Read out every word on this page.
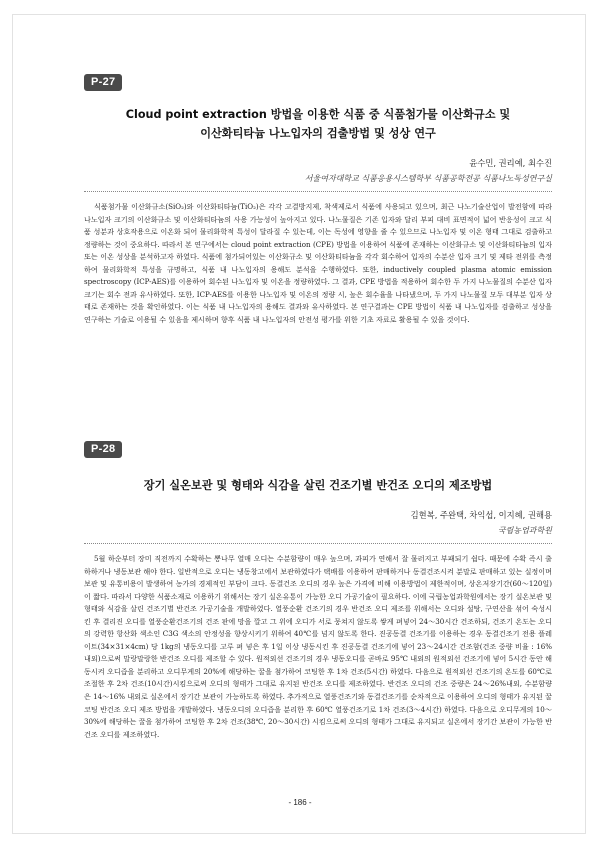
P-27
Cloud point extraction 방법을 이용한 식품 중 식품첨가물 이산화규소 및
이산화티타늄 나노입자의 검출방법 및 성상 연구
윤수민, 권리예, 최수진
서울여자대학교 식품응용시스템학부 식품공학전공 식품나노독성연구실

식품첨가물 이산화규소(SiO₂)와 이산화티타늄(TiO₂)은 각각 고결방지제, 착색제로서 식품에 사용되고 있으며, 최근 나노기술산업이 발전함에 따라 나노입자 크기의 이산화규소 및 이산화티타늄의 사용 가능성이 높아지고 있다. 나노물질은 기존 입자와 달리 부피 대비 표면적이 넓어 반응성이 크고 식품 성분과 상호작용으로 이온화 되어 물리화학적 특성이 달라질 수 있는데, 이는 독성에 영향을 줄 수 있으므로 나노입자 및 이온 형태 그대로 검출하고 정량하는 것이 중요하다. 따라서 본 연구에서는 cloud point extraction (CPE) 방법을 이용하여 식품에 존재하는 이산화규소 및 이산화티타늄의 입자 또는 이온 성상을 분석하고자 하였다. 식품에 첨가되어있는 이산화규소 및 이산화티타늄을 각각 회수하여 입자의 수분산 입자 크기 및 제타 전위를 측정하여 물리화학적 특성을 규명하고, 식품 내 나노입자의 용해도 분석을 수행하였다. 또한, inductively coupled plasma atomic emission spectroscopy (ICP-AES)를 이용하여 회수된 나노입자 및 이온을 정량하였다. 그 결과, CPE 방법을 적용하여 회수한 두 가지 나노물질의 수분산 입자 크기는 회수 전과 유사하였다. 또한, ICP-AES를 이용한 나노입자 및 이온의 정량 시, 높은 회수율을 나타냈으며, 두 가지 나노물질 모두 대부분 입자 상태로 존재하는 것을 확인하였다. 이는 식품 내 나노입자의 용해도 결과와 유사하였다. 본 연구결과는 CPE 방법이 식품 내 나노입자를 검출하고 성상을 연구하는 기술로 이용될 수 있음을 제시하며 향후 식품 내 나노입자의 안전성 평가를 위한 기초 자료로 활용될 수 있을 것이다.

P-28
장기 실온보관 및 형태와 식감을 살린 건조기별 반건조 오디의 제조방법
김현복, 주완택, 차익섭, 이지혜, 권해용
국립농업과학원

5월 하순부터 장미 직전까지 수확하는 뽕나무 열매 오디는 수분함량이 매우 높으며, 과피가 연해서 잘 물러지고 부패되기 쉽다. 때문에 수확 즉시 출하하거나 냉동보관 해야 한다. 일반적으로 오디는 냉동창고에서 보관하였다가 택배를 이용하여 판매하거나 동결건조시켜 분말로 판매하고 있는 실정이며 보관 및 유통비용이 발생하여 농가의 경제적인 부담이 크다. 동결건조 오디의 경우 높은 가격에 비해 이용방법이 제한적이며, 상온저장기간(60～120일)이 짧다. 따라서 다양한 식품소재로 이용하기 위해서는 장기 실온유통이 가능한 오디 가공기술이 필요하다. 이에 국립농업과학원에서는 장기 실온보관 및 형태와 식감을 살린 건조기별 반건조 가공기술을 개발하였다. 열풍순환 건조기의 경우 반건조 오디 제조를 위해서는 오디와 설탕, 구연산을 섞어 숙성시킨 후 결리진 오디를 열풍순환건조기의 건조 판에 망을 깔고 그 위에 오디가 서로 뭉쳐지 않도록 쌓게 펴넣어 24～30시간 건조하되, 건조기 온도는 오디의 강력한 항산화 색소인 C3G 색소의 안정성을 향상시키기 위하여 40℃를 넘지 않도록 한다. 진공동결 건조기를 이용하는 경우 동결건조기 전용 플레이트(34×31×4cm) 당 1kg의 냉동오디를 고루 펴 넣은 후 1일 이상 냉동시킨 후 진공동결 건조기에 넣어 23～24시간 건조함(건조 중량 비율 : 16% 내외)으로써 말랑말랑한 반건조 오디를 제조할 수 있다. 원적외선 건조기의 경우 냉동오디를 곧바로 95℃ 내외의 원적외선 건조기에 넣어 5시간 동안 해동시켜 오디즙을 분리하고 오디무게의 20%에 해당하는 꿀을 첨가하여 코팅한 후 1차 건조(5시간) 하였다. 다음으로 원적외선 건조기의 온도를 60℃로 조절한 후 2차 건조(10시간)시킴으로써 오디의 형태가 그대로 유지된 반건조 오디를 제조하였다. 반건조 오디의 건조 중량은 24～26%내외, 수분함량은 14～16% 내외로 실온에서 장기간 보관이 가능하도록 하였다. 추가적으로 열풍건조기와 동결건조기를 순차적으로 이용하여 오디의 형태가 유지된 꿀코팅 반건조 오디 제조 방법을 개발하였다. 냉동오디의 오디즙을 분리한 후 60℃ 열풍건조기로 1차 건조(3～4시간) 하였다. 다음으로 오디무게의 10～30%에 해당하는 꿀을 첨가하여 코팅한 후 2차 건조(38℃, 20～30시간) 시킴으로써 오디의 형태가 그대로 유지되고 실온에서 장기간 보관이 가능한 반건조 오디를 제조하였다.

- 186 -
